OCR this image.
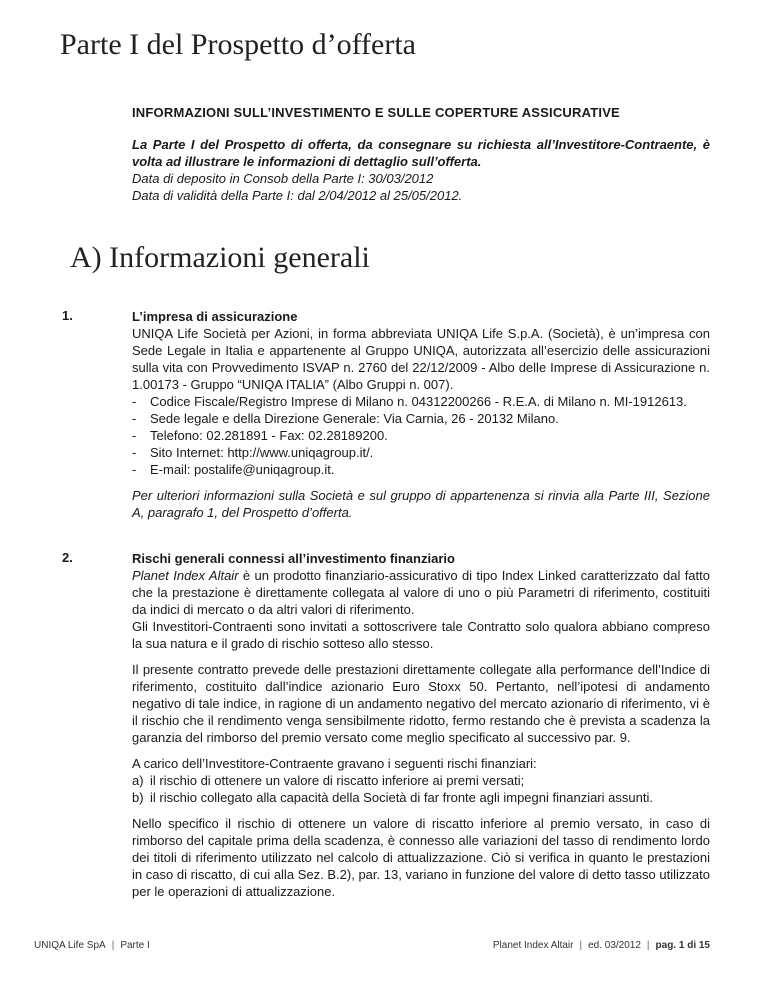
Parte I del Prospetto d’offerta
INFORMAZIONI SULL’INVESTIMENTO E SULLE COPERTURE ASSICURATIVE
La Parte I del Prospetto di offerta, da consegnare su richiesta all’Investitore-Contraente, è volta ad illustrare le informazioni di dettaglio sull’offerta.
Data di deposito in Consob della Parte I: 30/03/2012
Data di validità della Parte I: dal 2/04/2012 al 25/05/2012.
A) Informazioni generali
1.	L’impresa di assicurazione

UNIQA Life Società per Azioni, in forma abbreviata UNIQA Life S.p.A. (Società), è un’impresa con Sede Legale in Italia e appartenente al Gruppo UNIQA, autorizzata all’esercizio delle assicurazioni sulla vita con Provvedimento ISVAP n. 2760 del 22/12/2009 - Albo delle Imprese di Assicurazione n. 1.00173 - Gruppo “UNIQA ITALIA” (Albo Gruppi n. 007).

-	Codice Fiscale/Registro Imprese di Milano n. 04312200266 - R.E.A. di Milano n. MI-1912613.
-	Sede legale e della Direzione Generale: Via Carnia, 26 - 20132 Milano.
-	Telefono: 02.281891 - Fax: 02.28189200.
-	Sito Internet: http://www.uniqagroup.it/.
-	E-mail: postalife@uniqagroup.it.

Per ulteriori informazioni sulla Società e sul gruppo di appartenenza si rinvia alla Parte III, Sezione A, paragrafo 1, del Prospetto d’offerta.

2.	Rischi generali connessi all’investimento finanziario

Planet Index Altair è un prodotto finanziario-assicurativo di tipo Index Linked caratterizzato dal fatto che la prestazione è direttamente collegata al valore di uno o più Parametri di riferimento, costituiti da indici di mercato o da altri valori di riferimento.

Gli Investitori-Contraenti sono invitati a sottoscrivere tale Contratto solo qualora abbiano compreso la sua natura e il grado di rischio sotteso allo stesso.

Il presente contratto prevede delle prestazioni direttamente collegate alla performance dell’Indice di riferimento, costituito dall’indice azionario Euro Stoxx 50. Pertanto, nell’ipotesi di andamento negativo di tale indice, in ragione di un andamento negativo del mercato azionario di riferimento, vi è il rischio che il rendimento venga sensibilmente ridotto, fermo restando che è prevista a scadenza la garanzia del rimborso del premio versato come meglio specificato al successivo par. 9.

A carico dell’Investitore-Contraente gravano i seguenti rischi finanziari:

a) il rischio di ottenere un valore di riscatto inferiore ai premi versati;
b) il rischio collegato alla capacità della Società di far fronte agli impegni finanziari assunti.

Nello specifico il rischio di ottenere un valore di riscatto inferiore al premio versato, in caso di rimborso del capitale prima della scadenza, è connesso alle variazioni del tasso di rendimento lordo dei titoli di riferimento utilizzato nel calcolo di attualizzazione. Ciò si verifica in quanto le prestazioni in caso di riscatto, di cui alla Sez. B.2), par. 13, variano in funzione del valore di detto tasso utilizzato per le operazioni di attualizzazione.

UNIQA Life SpA | Parte I	Planet Index Altair | ed. 03/2012 | pag. 1 di 15
